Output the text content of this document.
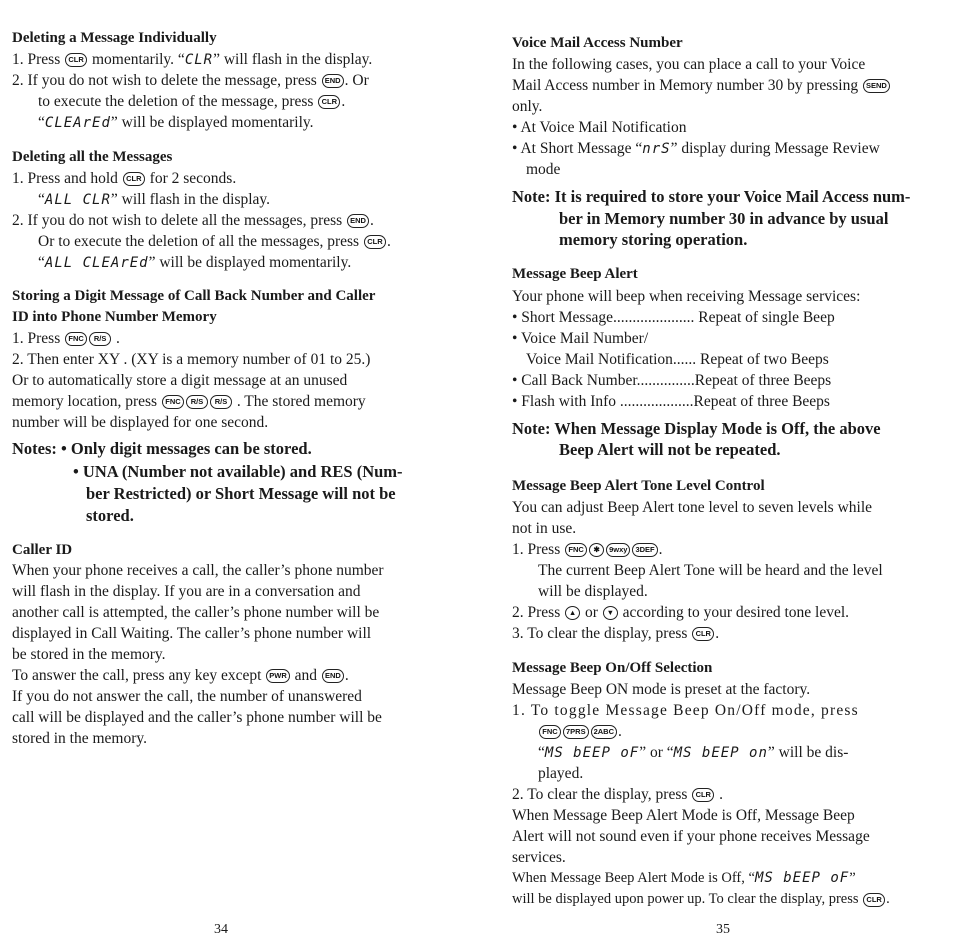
Deleting a Message Individually
1. Press CLR momentarily. “CLR” will flash in the display.
2. If you do not wish to delete the message, press END . Or
to execute the deletion of the message, press CLR .
“CLEArEd” will be displayed momentarily.
Deleting all the Messages
1. Press and hold CLR for 2 seconds.
“ALL CLR” will flash in the display.
2. If you do not wish to delete all the messages, press END .
Or to execute the deletion of all the messages, press CLR .
“ALL CLEArEd” will be displayed momentarily.
Storing a Digit Message of Call Back Number and Caller
ID into Phone Number Memory
1. Press FNC R/S .
2. Then enter XY . (XY is a memory number of 01 to 25.)
Or to automatically store a digit message at an unused
memory location, press FNC R/S R/S . The stored memory
number will be displayed for one second.
Notes: • Only digit messages can be stored.
• UNA (Number not available) and RES (Num-
ber Restricted) or Short Message will not be
stored.
Caller ID
When your phone receives a call, the caller’s phone number
will flash in the display. If you are in a conversation and
another call is attempted, the caller’s phone number will be
displayed in Call Waiting. The caller’s phone number will
be stored in the memory.
To answer the call, press any key except PWR and END .
If you do not answer the call, the number of unanswered
call will be displayed and the caller’s phone number will be
stored in the memory.
34
Voice Mail Access Number
In the following cases, you can place a call to your Voice
Mail Access number in Memory number 30 by pressing SEND
only.
• At Voice Mail Notification
• At Short Message “nrS” display during Message Review
mode
Note: It is required to store your Voice Mail Access num-
ber in Memory number 30 in advance by usual
memory storing operation.
Message Beep Alert
Your phone will beep when receiving Message services:
• Short Message..................... Repeat of single Beep
• Voice Mail Number/
Voice Mail Notification...... Repeat of two Beeps
• Call Back Number...............Repeat of three Beeps
• Flash with Info ...................Repeat of three Beeps
Note: When Message Display Mode is Off, the above
Beep Alert will not be repeated.
Message Beep Alert Tone Level Control
You can adjust Beep Alert tone level to seven levels while
not in use.
1. Press FNC ✱ 9wxy 3DEF .
The current Beep Alert Tone will be heard and the level
will be displayed.
2. Press ▲ or ▼ according to your desired tone level.
3. To clear the display, press CLR .
Message Beep On/Off Selection
Message Beep ON mode is preset at the factory.
1. To toggle Message Beep On/Off mode, press
FNC 7PRS 2ABC .
“MS bEEP oF” or “MS bEEP on” will be dis-
played.
2. To clear the display, press CLR .
When Message Beep Alert Mode is Off, Message Beep
Alert will not sound even if your phone receives Message
services.
When Message Beep Alert Mode is Off, “MS bEEP oF”
will be displayed upon power up. To clear the display, press CLR .
35
